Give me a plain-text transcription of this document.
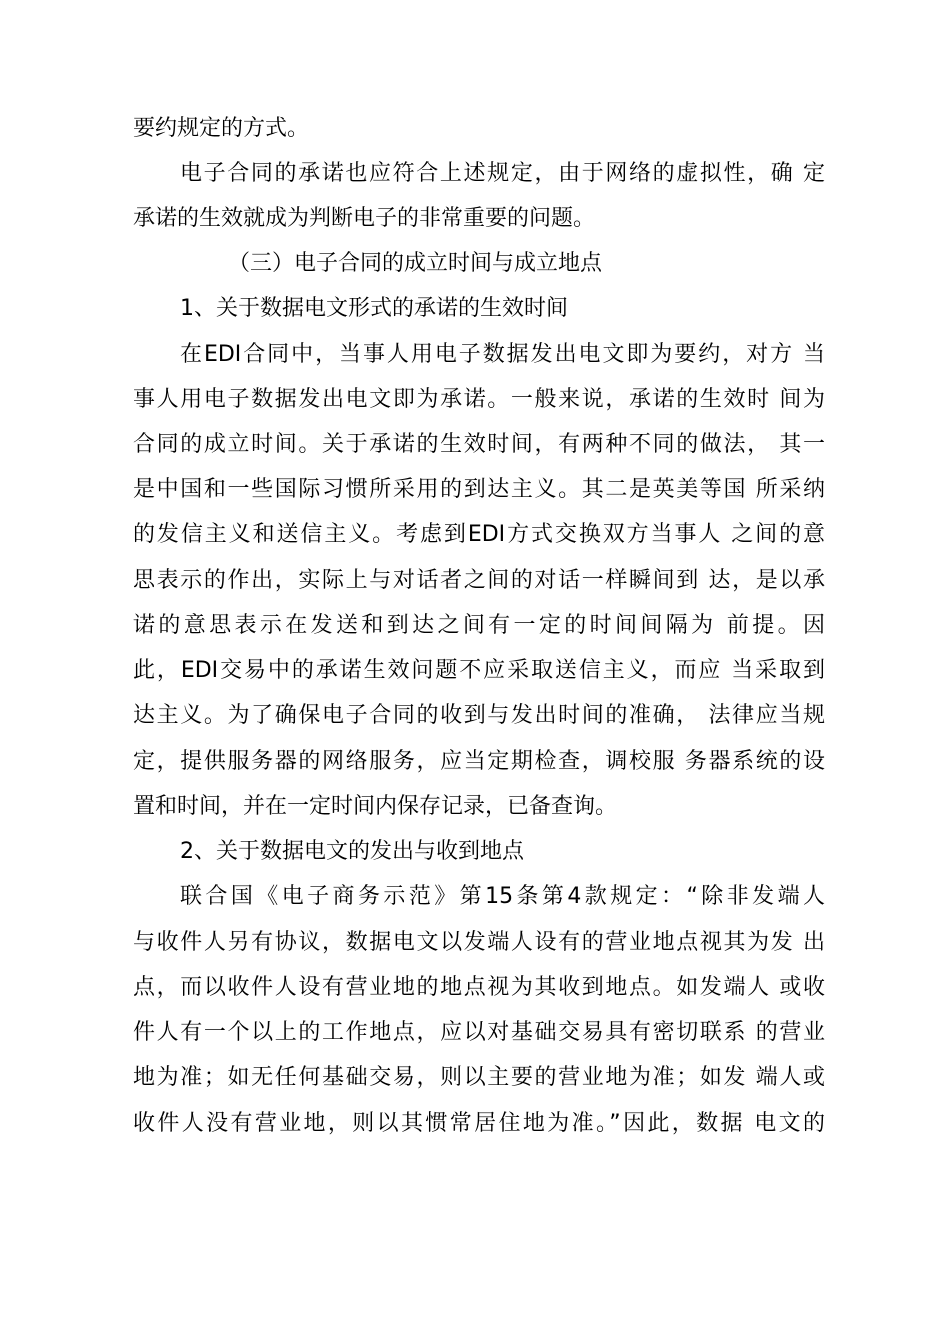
要约规定的方式。
电子合同的承诺也应符合上述规定，由于网络的虚拟性，确 定
承诺的生效就成为判断电子的非常重要的问题。
（三）电子合同的成立时间与成立地点
1、关于数据电文形式的承诺的生效时间
在EDI合同中，当事人用电子数据发出电文即为要约，对方 当
事人用电子数据发出电文即为承诺。一般来说，承诺的生效时 间为
合同的成立时间。关于承诺的生效时间，有两种不同的做法， 其一
是中国和一些国际习惯所采用的到达主义。其二是英美等国 所采纳
的发信主义和送信主义。考虑到EDI方式交换双方当事人 之间的意
思表示的作出，实际上与对话者之间的对话一样瞬间到 达，是以承
诺的意思表示在发送和到达之间有一定的时间间隔为 前提。因
此，EDI交易中的承诺生效问题不应采取送信主义，而应 当采取到
达主义。为了确保电子合同的收到与发出时间的准确， 法律应当规
定，提供服务器的网络服务，应当定期检查，调校服 务器系统的设
置和时间，并在一定时间内保存记录，已备查询。
2、关于数据电文的发出与收到地点
联合国《电子商务示范》第15条第4款规定：“除非发端人
与收件人另有协议，数据电文以发端人设有的营业地点视其为发 出
点，而以收件人设有营业地的地点视为其收到地点。如发端人 或收
件人有一个以上的工作地点，应以对基础交易具有密切联系 的营业
地为准；如无任何基础交易，则以主要的营业地为准；如发 端人或
收件人没有营业地，则以其惯常居住地为准。”因此，数据 电文的
